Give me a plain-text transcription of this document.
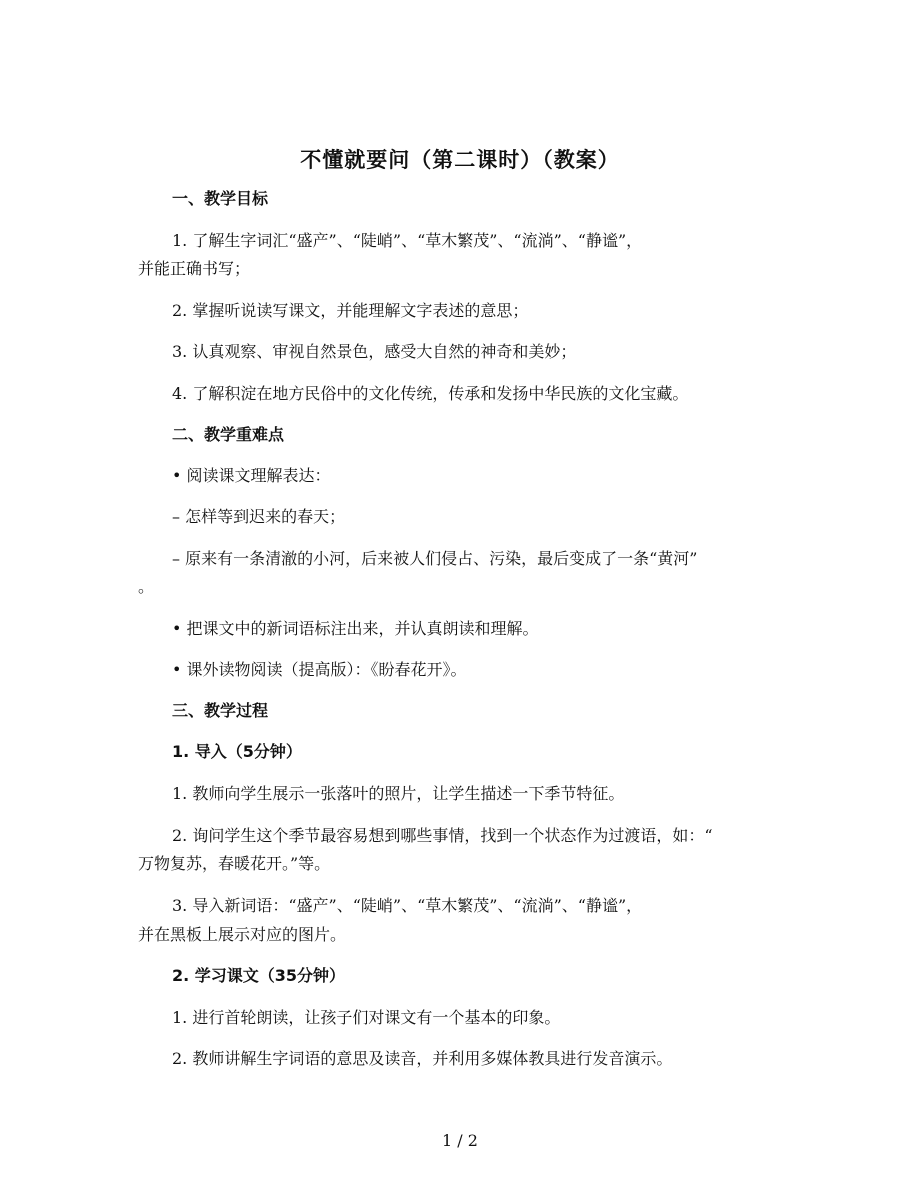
不懂就要问（第二课时）（教案）
一、教学目标
1. 了解生字词汇“盛产”、“陡峭”、“草木繁茂”、“流淌”、“静谧”，
并能正确书写；
2. 掌握听说读写课文，并能理解文字表述的意思；
3. 认真观察、审视自然景色，感受大自然的神奇和美妙；
4. 了解积淀在地方民俗中的文化传统，传承和发扬中华民族的文化宝藏。
二、教学重难点
• 阅读课文理解表达：
– 怎样等到迟来的春天；
– 原来有一条清澈的小河，后来被人们侵占、污染，最后变成了一条“黄河”
。
• 把课文中的新词语标注出来，并认真朗读和理解。
• 课外读物阅读（提高版）：《盼春花开》。
三、教学过程
1. 导入（5分钟）
1. 教师向学生展示一张落叶的照片，让学生描述一下季节特征。
2. 询问学生这个季节最容易想到哪些事情，找到一个状态作为过渡语，如：“
万物复苏，春暖花开。”等。
3. 导入新词语：“盛产”、“陡峭”、“草木繁茂”、“流淌”、“静谧”，
并在黑板上展示对应的图片。
2. 学习课文（35分钟）
1. 进行首轮朗读，让孩子们对课文有一个基本的印象。
2. 教师讲解生字词语的意思及读音，并利用多媒体教具进行发音演示。
1 / 2
